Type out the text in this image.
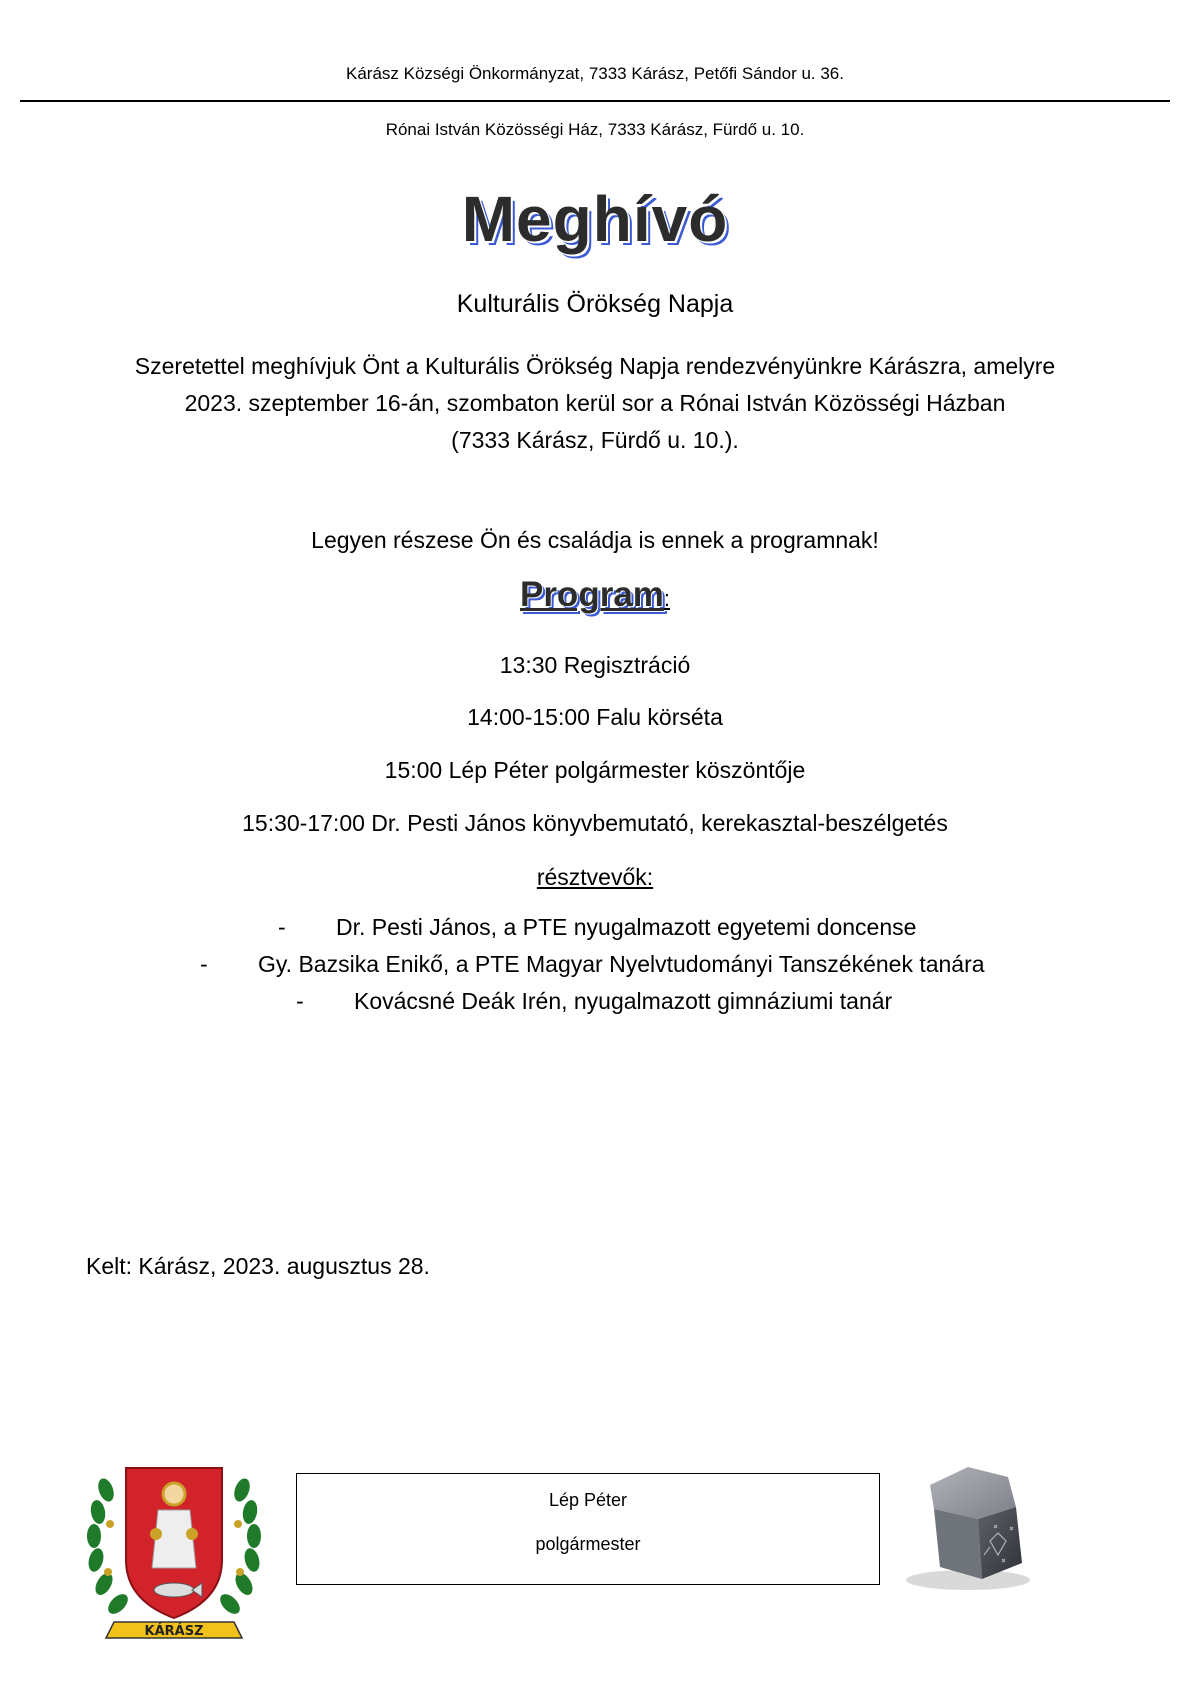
Kárász Községi Önkormányzat, 7333 Kárász, Petőfi Sándor u. 36.
Rónai István Közösségi Ház, 7333 Kárász, Fürdő u. 10.
Meghívó
Kulturális Örökség Napja
Szeretettel meghívjuk Önt a Kulturális Örökség Napja rendezvényünkre Kárászra, amelyre
2023. szeptember 16-án, szombaton kerül sor a Rónai István Közösségi Házban
(7333 Kárász, Fürdő u. 10.).
Legyen részese Ön és családja is ennek a programnak!
Program:
13:30 Regisztráció
14:00-15:00 Falu körséta
15:00 Lép Péter polgármester köszöntője
15:30-17:00 Dr. Pesti János könyvbemutató, kerekasztal-beszélgetés
résztvevők:
- Dr. Pesti János, a PTE nyugalmazott egyetemi doncense
- Gy. Bazsika Enikő, a PTE Magyar Nyelvtudományi Tanszékének tanára
- Kovácsné Deák Irén, nyugalmazott gimnáziumi tanár
Kelt: Kárász, 2023. augusztus 28.
KÁRÁSZ
Lép Péter
polgármester
